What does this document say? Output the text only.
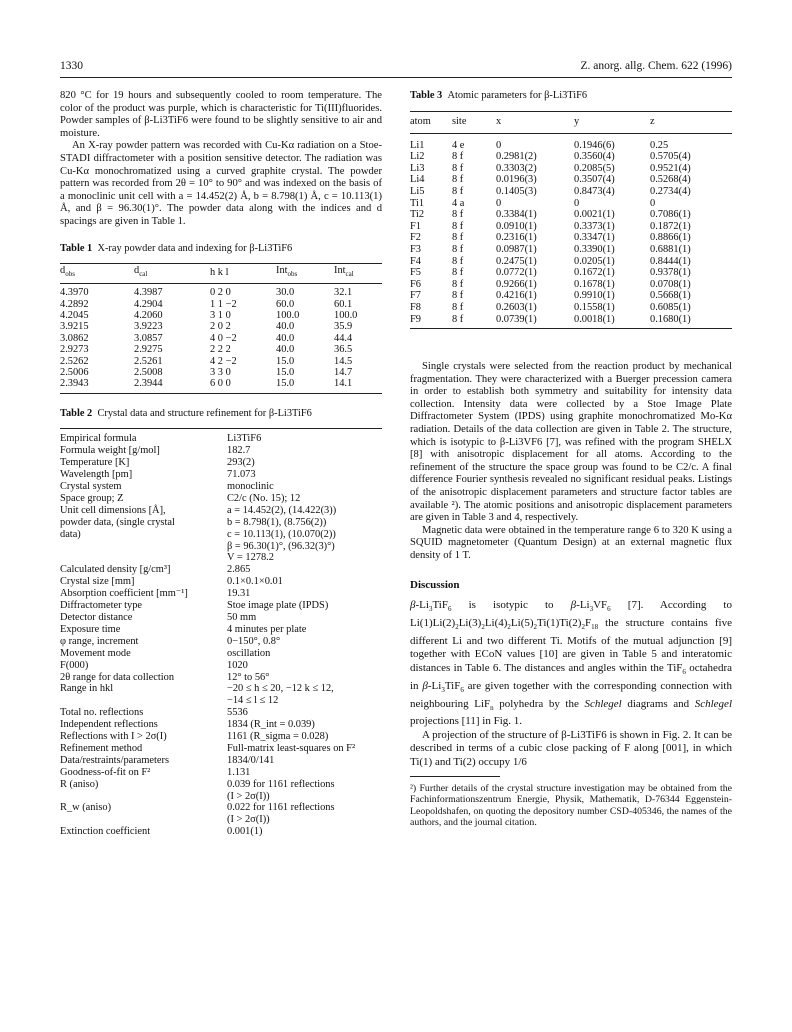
1330	Z. anorg. allg. Chem. 622 (1996)

820 °C for 19 hours and subsequently cooled to room temperature. The color of the product was purple, which is characteristic for Ti(III)fluorides. Powder samples of β-Li3TiF6 were found to be slightly sensitive to air and moisture.

An X-ray powder pattern was recorded with Cu-Kα radiation on a Stoe-STADI diffractometer with a position sensitive detector. The radiation was Cu-Kα monochromatized using a curved graphite crystal. The powder pattern was recorded from 2θ = 10° to 90° and was indexed on the basis of a monoclinic unit cell with a = 14.452(2) Å, b = 8.798(1) Å, c = 10.113(1) Å, and β = 96.30(1)°. The powder data along with the indices and d spacings are given in Table 1.

Table 1 X-ray powder data and indexing for β-Li3TiF6

$d_{obs}$	$d_{cal}$	h k l	Int$_{obs}$	Int$_{cal}$

4.3970	4.3987	0 2 0	30.0	32.1
4.2892	4.2904	1 1 −2	60.0	60.1
4.2045	4.2060	3 1 0	100.0	100.0
3.9215	3.9223	2 0 2	40.0	35.9
3.0862	3.0857	4 0 −2	40.0	44.4
2.9273	2.9275	2 2 2	40.0	36.5
2.5262	2.5261	4 2 −2	15.0	14.5
2.5006	2.5008	3 3 0	15.0	14.7
2.3943	2.3944	6 0 0	15.0	14.1

Table 2 Crystal data and structure refinement for β-Li3TiF6

Empirical formula	Li3TiF6
Formula weight [g/mol]	182.7
Temperature [K]	293(2)
Wavelength [pm]	71.073
Crystal system	monoclinic
Space group; Z	C2/c (No. 15); 12
Unit cell dimensions [Å],	a = 14.452(2), (14.422(3))
powder data, (single crystal	b = 8.798(1), (8.756(2))
data)	c = 10.113(1), (10.070(2))
	β = 96.30(1)°, (96.32(3)°)
	V = 1278.2
Calculated density [g/cm³]	2.865
Crystal size [mm]	0.1×0.1×0.01
Absorption coefficient [mm⁻¹]	19.31
Diffractometer type	Stoe image plate (IPDS)
Detector distance	50 mm
Exposure time	4 minutes per plate
φ range, increment	0−150°, 0.8°
Movement mode	oscillation
F(000)	1020
2θ range for data collection	12° to 56°
Range in hkl	−20 ≤ h ≤ 20, −12 k ≤ 12,
	−14 ≤ l ≤ 12
Total no. reflections	5536
Independent reflections	1834 (R_int = 0.039)
Reflections with I > 2σ(I)	1161 (R_sigma = 0.028)
Refinement method	Full-matrix least-squares on F²
Data/restraints/parameters	1834/0/141
Goodness-of-fit on F²	1.131
R (aniso)	0.039 for 1161 reflections
	(I > 2σ(I))
R_w (aniso)	0.022 for 1161 reflections
	(I > 2σ(I))
Extinction coefficient	0.001(1)

Table 3 Atomic parameters for β-Li3TiF6

atom	site	x	y	z

Li1	4 e	0	0.1946(6)	0.25
Li2	8 f	0.2981(2)	0.3560(4)	0.5705(4)
Li3	8 f	0.3303(2)	0.2085(5)	0.9521(4)
Li4	8 f	0.0196(3)	0.3507(4)	0.5268(4)
Li5	8 f	0.1405(3)	0.8473(4)	0.2734(4)
Ti1	4 a	0	0	0
Ti2	8 f	0.3384(1)	0.0021(1)	0.7086(1)
F1	8 f	0.0910(1)	0.3373(1)	0.1872(1)
F2	8 f	0.2316(1)	0.3347(1)	0.8866(1)
F3	8 f	0.0987(1)	0.3390(1)	0.6881(1)
F4	8 f	0.2475(1)	0.0205(1)	0.8444(1)
F5	8 f	0.0772(1)	0.1672(1)	0.9378(1)
F6	8 f	0.9266(1)	0.1678(1)	0.0708(1)
F7	8 f	0.4216(1)	0.9910(1)	0.5668(1)
F8	8 f	0.2603(1)	0.1558(1)	0.6085(1)
F9	8 f	0.0739(1)	0.0018(1)	0.1680(1)

Single crystals were selected from the reaction product by mechanical fragmentation. They were characterized with a Buerger precession camera in order to establish both symmetry and suitability for intensity data collection. Intensity data were collected by a Stoe Image Plate Diffractometer System (IPDS) using graphite monochromatized Mo-Kα radiation. Details of the data collection are given in Table 2. The structure, which is isotypic to β-Li3VF6 [7], was refined with the program SHELX [8] with anisotropic displacement for all atoms. According to the refinement of the structure the space group was found to be C2/c. A final difference Fourier synthesis revealed no significant residual peaks. Listings of the anisotropic displacement parameters and structure factor tables are available ²). The atomic positions and anisotropic displacement parameters are given in Table 3 and 4, respectively.

Magnetic data were obtained in the temperature range 6 to 320 K using a SQUID magnetometer (Quantum Design) at an external magnetic flux density of 1 T.

Discussion

$\beta-Li_3TiF_6$ is isotypic to $\beta-Li_3VF_6$ [7]. According to $Li(1)Li(2)_2Li(3)_2Li(4)_2Li(5)_2Ti(1)Ti(2)_2F_{18}$ the structure contains five different Li and two different Ti. Motifs of the mutual adjunction [9] together with ECoN values [10] are given in Table 5 and interatomic distances in Table 6. The distances and angles within the TiF$_6$ octahedra in $\beta-Li_3TiF_6$ are given together with the corresponding connection with neighbouring LiF$_n$ polyhedra by the Schlegel diagrams and Schlegel projections [11] in Fig. 1.

A projection of the structure of β-Li3TiF6 is shown in Fig. 2. It can be described in terms of a cubic close packing of F along [001], in which Ti(1) and Ti(2) occupy 1/6

²) Further details of the crystal structure investigation may be obtained from the Fachinformationszentrum Energie, Physik, Mathematik, D-76344 Eggenstein-Leopoldshafen, on quoting the depository number CSD-405346, the names of the authors, and the journal citation.
